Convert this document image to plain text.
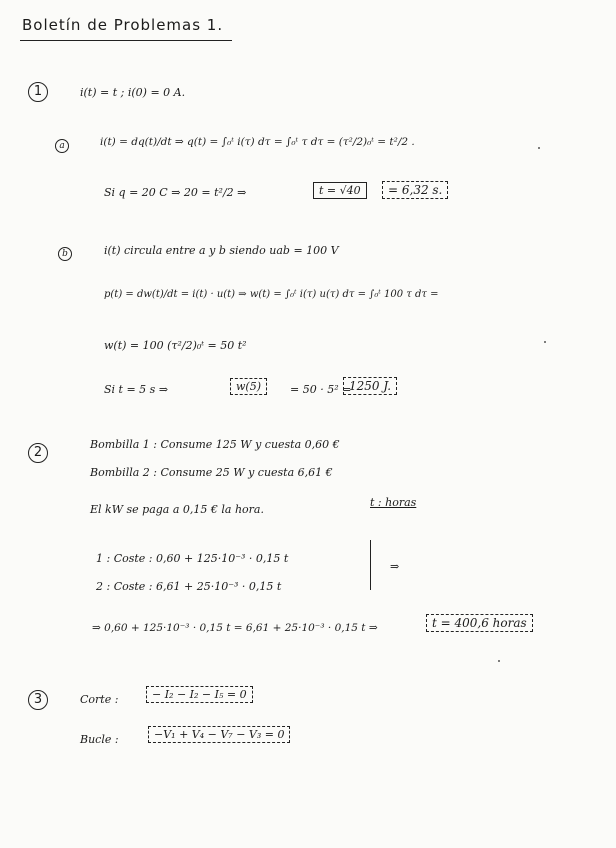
Boletín de Problemas 1.
1	i(t) = t ; i(0) = 0 A.
a	i(t) = dq(t)/dt ⇒ q(t) = ∫₀ᵗ i(τ) dτ = ∫₀ᵗ τ dτ = (τ²/2)₀ᵗ = t²/2 .
Si q = 20 C ⇒ 20 = t²/2 ⇒	t = √40	= 6,32 s.
b	i(t) circula entre a y b siendo uab = 100 V
p(t) = dw(t)/dt = i(t) · u(t) ⇒ w(t) = ∫₀ᵗ i(τ) u(τ) dτ = ∫₀ᵗ 100 τ dτ =
w(t) = 100 (τ²/2)₀ᵗ = 50 t²
Si t = 5 s ⇒	w(5)	= 50 · 5² =
1250 J.
2
Bombilla 1 : Consume 125 W y cuesta 0,60 €
Bombilla 2 : Consume 25 W y cuesta 6,61 €
El kW se paga a 0,15 € la hora.
t : horas
1 : Coste : 0,60 + 125·10⁻³ · 0,15 t
2 : Coste : 6,61 + 25·10⁻³ · 0,15 t
⇒
⇒ 0,60 + 125·10⁻³ · 0,15 t = 6,61 + 25·10⁻³ · 0,15 t ⇒	t = 400,6 horas
3	Corte :	− I₂ − I₂ − I₅ = 0
Bucle :	−V₁ + V₄ − V₇ − V₃ = 0
